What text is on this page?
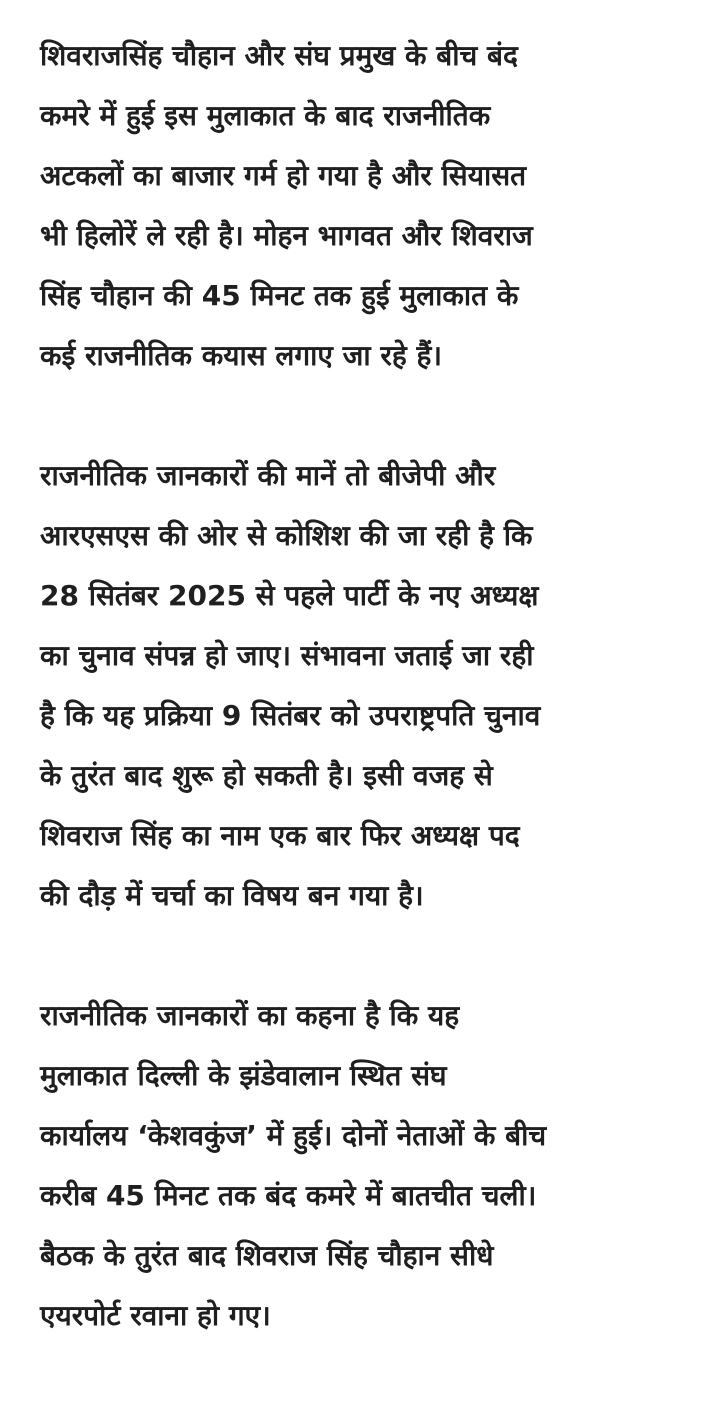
शिवराजसिंह चौहान और संघ प्रमुख के बीच बंद
कमरे में हुई इस मुलाकात के बाद राजनीतिक
अटकलों का बाजार गर्म हो गया है और सियासत
भी हिलोरें ले रही है। मोहन भागवत और शिवराज
सिंह चौहान की 45 मिनट तक हुई मुलाकात के
कई राजनीतिक कयास लगाए जा रहे हैं।

राजनीतिक जानकारों की मानें तो बीजेपी और
आरएसएस की ओर से कोशिश की जा रही है कि
28 सितंबर 2025 से पहले पार्टी के नए अध्यक्ष
का चुनाव संपन्न हो जाए। संभावना जताई जा रही
है कि यह प्रक्रिया 9 सितंबर को उपराष्ट्रपति चुनाव
के तुरंत बाद शुरू हो सकती है। इसी वजह से
शिवराज सिंह का नाम एक बार फिर अध्यक्ष पद
की दौड़ में चर्चा का विषय बन गया है।

राजनीतिक जानकारों का कहना है कि यह
मुलाकात दिल्ली के झंडेवालान स्थित संघ
कार्यालय ‘केशवकुंज’ में हुई। दोनों नेताओं के बीच
करीब 45 मिनट तक बंद कमरे में बातचीत चली।
बैठक के तुरंत बाद शिवराज सिंह चौहान सीधे
एयरपोर्ट रवाना हो गए।
